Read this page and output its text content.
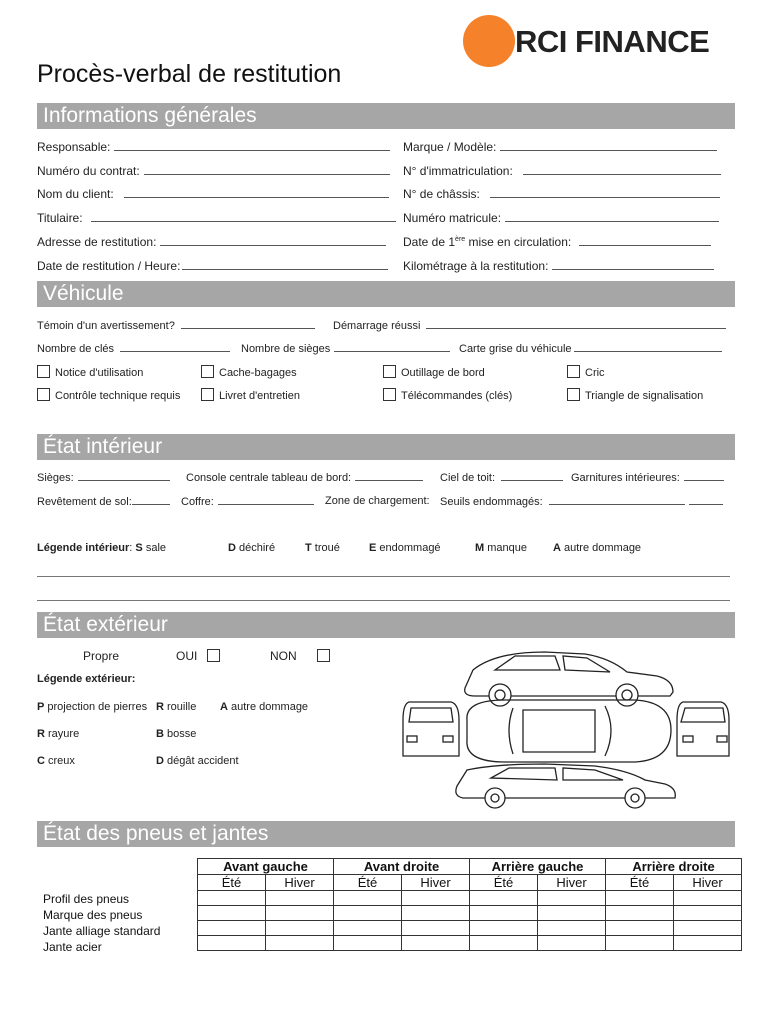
RCI FINANCE
Procès-verbal de restitution
Informations générales
Responsable:
Numéro du contrat:
Nom du client:
Titulaire:
Adresse de restitution:
Date de restitution / Heure:
Marque / Modèle:
N° d'immatriculation:
N° de châssis:
Numéro matricule:
Date de 1ère mise en circulation:
Kilométrage à la restitution:
Véhicule
Témoin d'un avertissement?	Démarrage réussi
Nombre de clés	Nombre de sièges	Carte grise du véhicule
Notice d'utilisation	Cache-bagages	Outillage de bord	Cric
Contrôle technique requis	Livret d'entretien	Télécommandes (clés)	Triangle de signalisation
État intérieur
Sièges:	Console centrale tableau de bord:	Ciel de toit:	Garnitures intérieures:
Revêtement de sol:	Coffre:	Zone de chargement: Seuils endommagés:
Légende intérieur: S sale	D déchiré	T troué	E endommagé	M manque A autre dommage
État extérieur
Propre	OUI	NON
Légende extérieur:
P projection de pierres R rouille A autre dommage
R rayure	B bosse
C creux	D dégât accident
État des pneus et jantes
Avant gauche		Avant droite		Arrière gauche		Arrière droite	
Été	Hiver	Été	Hiver	Été	Hiver	Été	Hiver

Profil des pneus
Marque des pneus
Jante alliage standard
Jante acier
